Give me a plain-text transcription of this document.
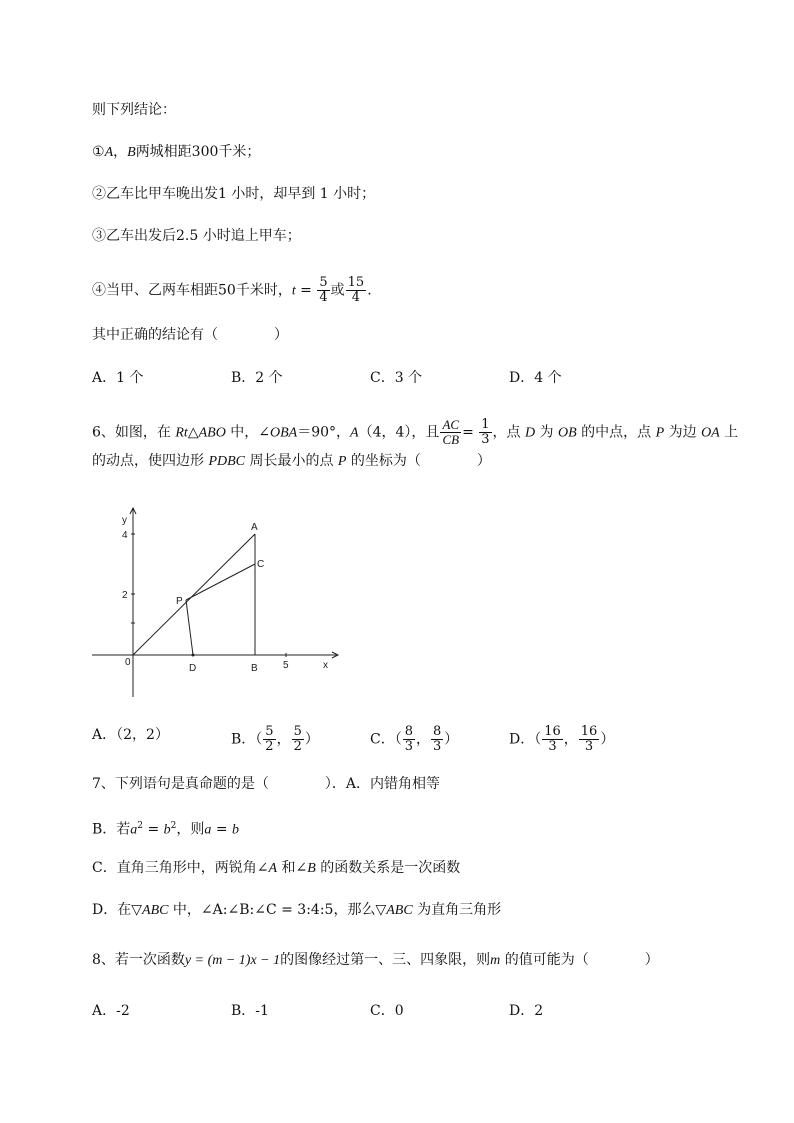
则下列结论：
①A，B两城相距300千米；
②乙车比甲车晚出发1 小时，却早到 1 小时；
③乙车出发后2.5 小时追上甲车；
④当甲、乙两车相距50千米时，$t = \frac{5}{4}$ 或 $\frac{15}{4}$ .
其中正确的结论有（　　　　）
A．1 个	B．2 个	C．3 个	D．4 个
6、如图，在 Rt△ABO 中，∠OBA＝90°，A（4，4），且 $\frac{AC}{CB} = \frac{1}{3}$ ，点 D 为 OB 的中点，点 P 为边 OA 上
的动点，使四边形 PDBC 周长最小的点 P 的坐标为（　　　　）
y
x
0
4
2
5
A
B
C
D
P
A．（2，2）	B．（ $\frac{5}{2}$ ， $\frac{5}{2}$ ）	C．（ $\frac{8}{3}$ ， $\frac{8}{3}$ ）	D．（ $\frac{16}{3}$ ， $\frac{16}{3}$ ）
7、下列语句是真命题的是（　　　　）．A．内错角相等
B．若$a^2 = b^2$，则a = b
C．直角三角形中，两锐角∠A 和∠B 的函数关系是一次函数
D．在▽ABC 中，∠A:∠B:∠C = 3:4:5，那么▽ABC 为直角三角形
8、若一次函数y = (m − 1)x − 1的图像经过第一、三、四象限，则m 的值可能为（　　　　）
A．-2	B．-1	C．0	D．2
